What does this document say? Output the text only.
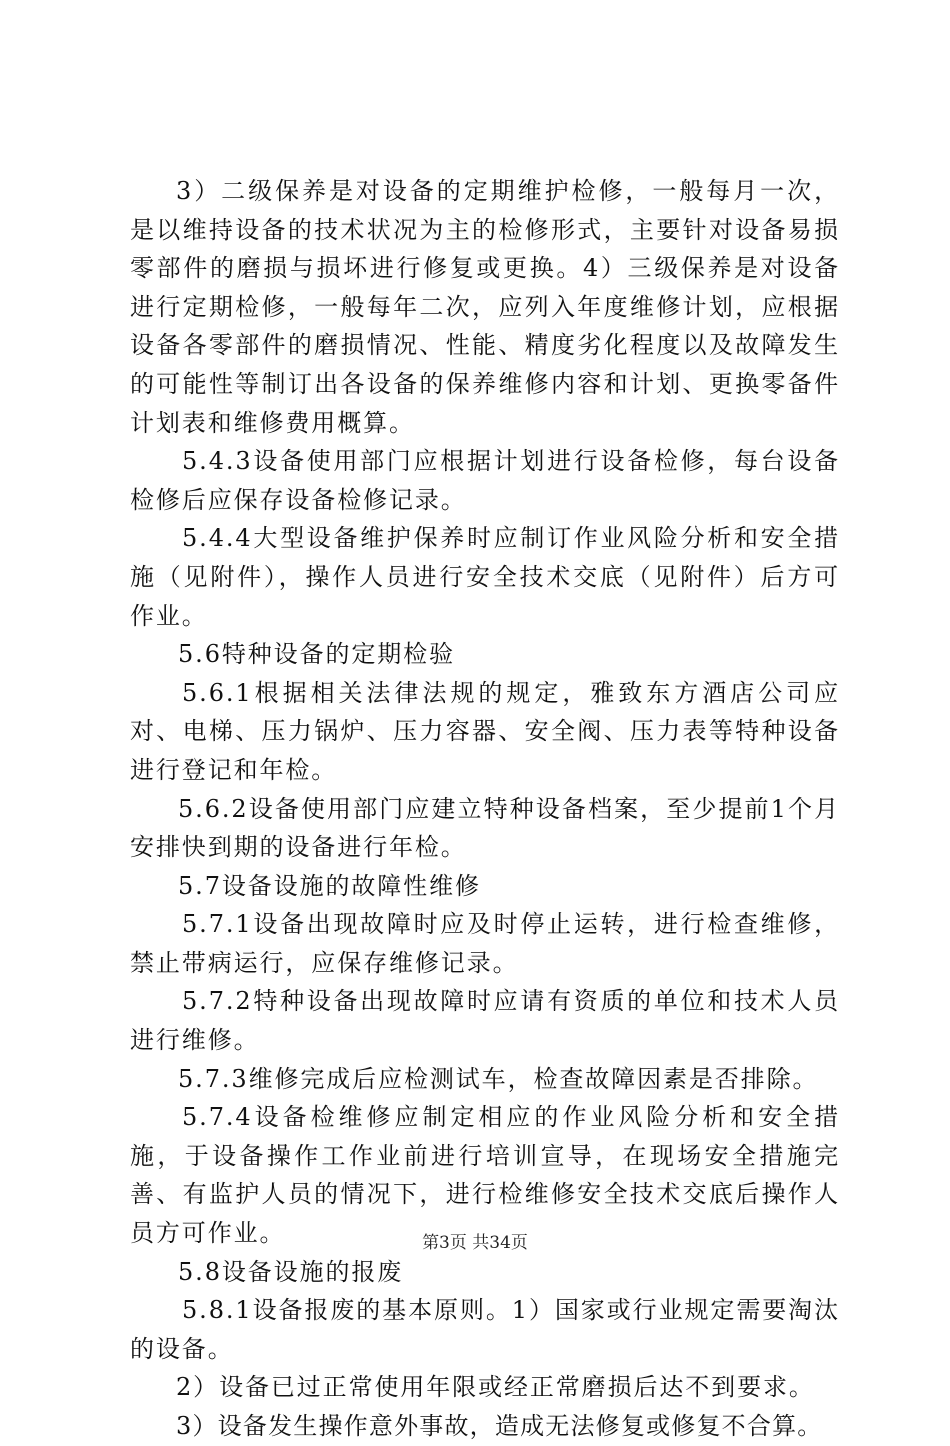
3）二级保养是对设备的定期维护检修，一般每月一次，是以维持设备的技术状况为主的检修形式，主要针对设备易损零部件的磨损与损坏进行修复或更换。4）三级保养是对设备进行定期检修，一般每年二次，应列入年度维修计划，应根据设备各零部件的磨损情况、性能、精度劣化程度以及故障发生的可能性等制订出各设备的保养维修内容和计划、更换零备件计划表和维修费用概算。

5.4.3设备使用部门应根据计划进行设备检修，每台设备检修后应保存设备检修记录。

5.4.4大型设备维护保养时应制订作业风险分析和安全措施（见附件），操作人员进行安全技术交底（见附件）后方可作业。

5.6特种设备的定期检验

5.6.1根据相关法律法规的规定，雅致东方酒店公司应对、电梯、压力锅炉、压力容器、安全阀、压力表等特种设备进行登记和年检。

5.6.2设备使用部门应建立特种设备档案，至少提前1个月安排快到期的设备进行年检。

5.7设备设施的故障性维修

5.7.1设备出现故障时应及时停止运转，进行检查维修，禁止带病运行，应保存维修记录。

5.7.2特种设备出现故障时应请有资质的单位和技术人员进行维修。

5.7.3维修完成后应检测试车，检查故障因素是否排除。

5.7.4设备检维修应制定相应的作业风险分析和安全措施，于设备操作工作业前进行培训宣导，在现场安全措施完善、有监护人员的情况下，进行检维修安全技术交底后操作人员方可作业。

5.8设备设施的报废

5.8.1设备报废的基本原则。1）国家或行业规定需要淘汰的设备。

2）设备已过正常使用年限或经正常磨损后达不到要求。

3）设备发生操作意外事故，造成无法修复或修复不合算。

第3页 共34页
